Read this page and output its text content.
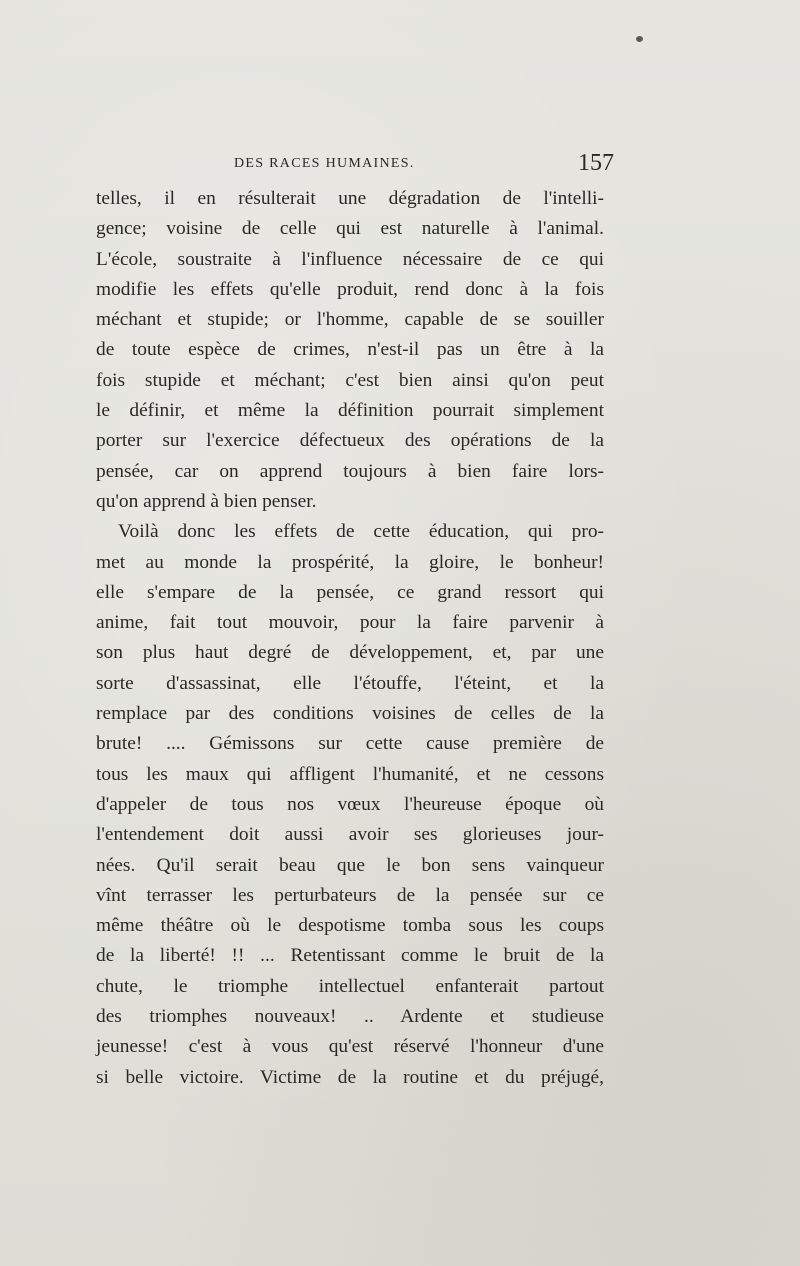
DES RACES HUMAINES.	157
telles, il en résulterait une dégradation de l'intelli-
gence; voisine de celle qui est naturelle à l'animal.
L'école, soustraite à l'influence nécessaire de ce qui
modifie les effets qu'elle produit, rend donc à la fois
méchant et stupide; or l'homme, capable de se souiller
de toute espèce de crimes, n'est-il pas un être à la
fois stupide et méchant; c'est bien ainsi qu'on peut
le définir, et même la définition pourrait simplement
porter sur l'exercice défectueux des opérations de la
pensée, car on apprend toujours à bien faire lors-
qu'on apprend à bien penser.
Voilà donc les effets de cette éducation, qui pro-
met au monde la prospérité, la gloire, le bonheur!
elle s'empare de la pensée, ce grand ressort qui
anime, fait tout mouvoir, pour la faire parvenir à
son plus haut degré de développement, et, par une
sorte d'assassinat, elle l'étouffe, l'éteint, et la
remplace par des conditions voisines de celles de la
brute! .... Gémissons sur cette cause première de
tous les maux qui affligent l'humanité, et ne cessons
d'appeler de tous nos vœux l'heureuse époque où
l'entendement doit aussi avoir ses glorieuses jour-
nées. Qu'il serait beau que le bon sens vainqueur
vînt terrasser les perturbateurs de la pensée sur ce
même théâtre où le despotisme tomba sous les coups
de la liberté! !! ... Retentissant comme le bruit de la
chute, le triomphe intellectuel enfanterait partout
des triomphes nouveaux! .. Ardente et studieuse
jeunesse! c'est à vous qu'est réservé l'honneur d'une
si belle victoire. Victime de la routine et du préjugé,
